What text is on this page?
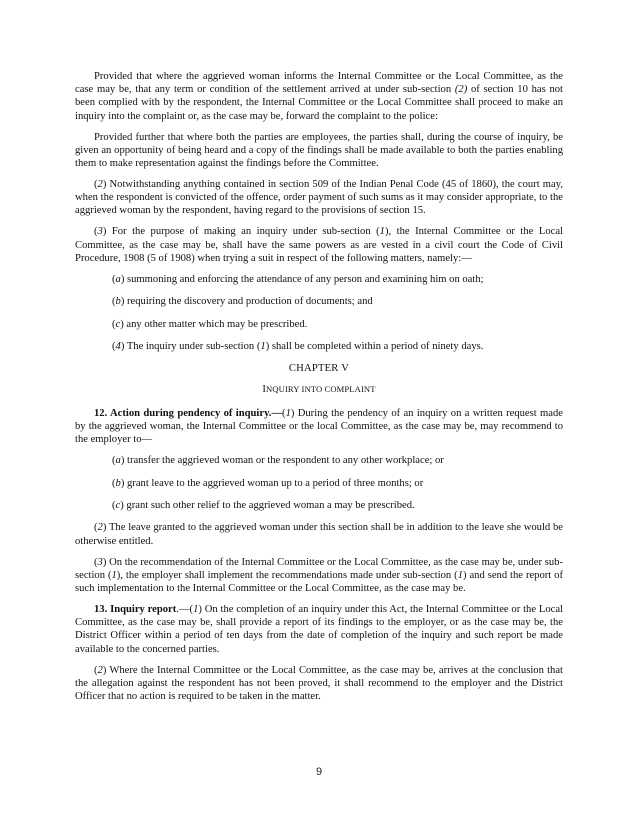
Provided that where the aggrieved woman informs the Internal Committee or the Local Committee, as the case may be, that any term or condition of the settlement arrived at under sub-section (2) of section 10 has not been complied with by the respondent, the Internal Committee or the Local Committee shall proceed to make an inquiry into the complaint or, as the case may be, forward the complaint to the police:

Provided further that where both the parties are employees, the parties shall, during the course of inquiry, be given an opportunity of being heard and a copy of the findings shall be made available to both the parties enabling them to make representation against the findings before the Committee.

(2) Notwithstanding anything contained in section 509 of the Indian Penal Code (45 of 1860), the court may, when the respondent is convicted of the offence, order payment of such sums as it may consider appropriate, to the aggrieved woman by the respondent, having regard to the provisions of section 15.

(3) For the purpose of making an inquiry under sub-section (1), the Internal Committee or the Local Committee, as the case may be, shall have the same powers as are vested in a civil court the Code of Civil Procedure, 1908 (5 of 1908) when trying a suit in respect of the following matters, namely:—

(a) summoning and enforcing the attendance of any person and examining him on oath;

(b) requiring the discovery and production of documents; and

(c) any other matter which may be prescribed.

(4) The inquiry under sub-section (1) shall be completed within a period of ninety days.

CHAPTER V
INQUIRY INTO COMPLAINT

12. Action during pendency of inquiry.—(1) During the pendency of an inquiry on a written request made by the aggrieved woman, the Internal Committee or the local Committee, as the case may be, may recommend to the employer to—

(a) transfer the aggrieved woman or the respondent to any other workplace; or

(b) grant leave to the aggrieved woman up to a period of three months; or

(c) grant such other relief to the aggrieved woman a may be prescribed.

(2) The leave granted to the aggrieved woman under this section shall be in addition to the leave she would be otherwise entitled.

(3) On the recommendation of the Internal Committee or the Local Committee, as the case may be, under sub-section (1), the employer shall implement the recommendations made under sub-section (1) and send the report of such implementation to the Internal Committee or the Local Committee, as the case may be.

13. Inquiry report.—(1) On the completion of an inquiry under this Act, the Internal Committee or the Local Committee, as the case may be, shall provide a report of its findings to the employer, or as the case may be, the District Officer within a period of ten days from the date of completion of the inquiry and such report be made available to the concerned parties.

(2) Where the Internal Committee or the Local Committee, as the case may be, arrives at the conclusion that the allegation against the respondent has not been proved, it shall recommend to the employer and the District Officer that no action is required to be taken in the matter.

9
